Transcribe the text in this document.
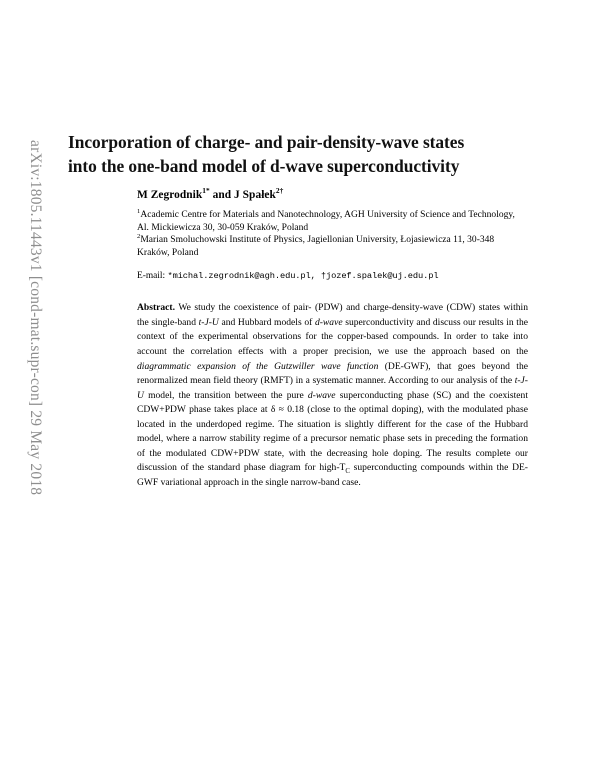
arXiv:1805.11443v1 [cond-mat.supr-con] 29 May 2018 Incorporation of charge- and pair-density-wave states
into the one-band model of d-wave superconductivity

M Zegrodnik$^{1*}$ and J Spałek$^{2\dagger}$

$^1$Academic Centre for Materials and Nanotechnology, AGH University of Science and Technology, Al. Mickiewicza 30, 30-059 Kraków, Poland

$^2$Marian Smoluchowski Institute of Physics, Jagiellonian University, Łojasiewicza 11, 30-348 Kraków, Poland

E-mail: *michal.zegrodnik@agh.edu.pl, †jozef.spalek@uj.edu.pl

Abstract. We study the coexistence of pair- (PDW) and charge-density-wave (CDW) states within the single-band t-J-U and Hubbard models of d-wave superconductivity and discuss our results in the context of the experimental observations for the copper-based compounds. In order to take into account the correlation effects with a proper precision, we use the approach based on the diagrammatic expansion of the Gutzwiller wave function (DE-GWF), that goes beyond the renormalized mean field theory (RMFT) in a systematic manner. According to our analysis of the t-J-U model, the transition between the pure d-wave superconducting phase (SC) and the coexistent CDW+PDW phase takes place at δ ≈ 0.18 (close to the optimal doping), with the modulated phase located in the underdoped regime. The situation is slightly different for the case of the Hubbard model, where a narrow stability regime of a precursor nematic phase sets in preceding the formation of the modulated CDW+PDW state, with the decreasing hole doping. The results complete our discussion of the standard phase diagram for high-$T_C$ superconducting compounds within the DE-GWF variational approach in the single narrow-band case.
